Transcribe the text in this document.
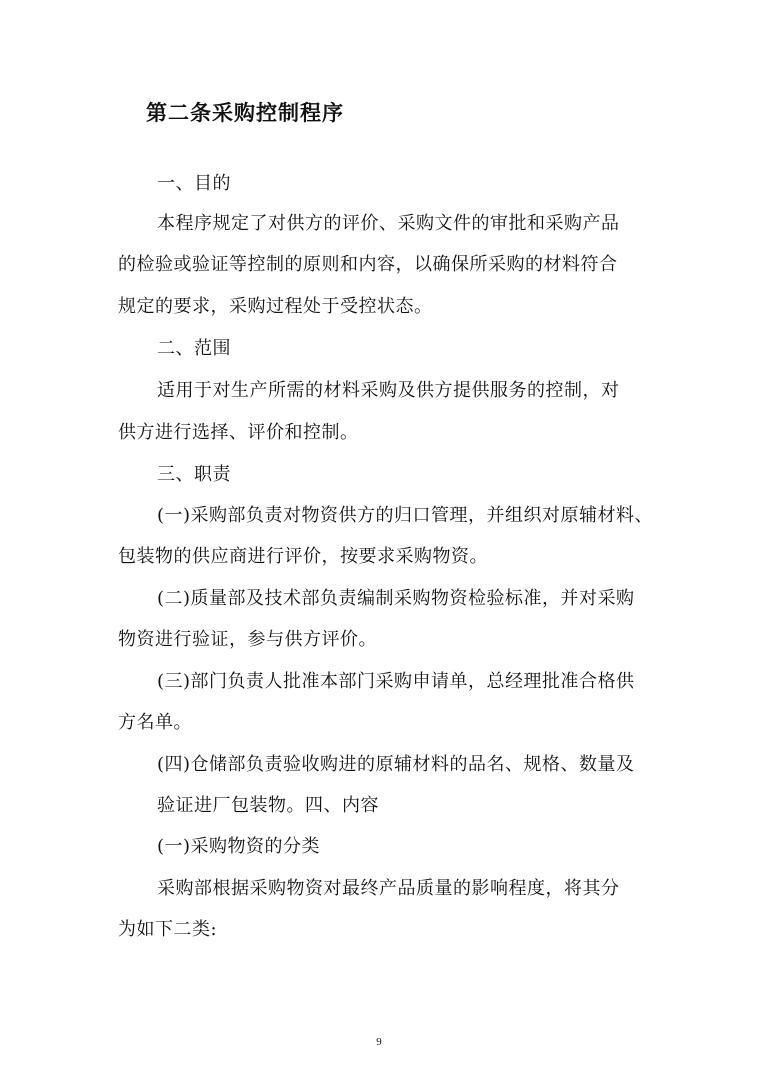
第二条采购控制程序
一、目的
本程序规定了对供方的评价、采购文件的审批和采购产品
的检验或验证等控制的原则和内容，以确保所采购的材料符合
规定的要求，采购过程处于受控状态。
二、范围
适用于对生产所需的材料采购及供方提供服务的控制，对
供方进行选择、评价和控制。
三、职责
(一)采购部负责对物资供方的归口管理，并组织对原辅材料、
包装物的供应商进行评价，按要求采购物资。
(二)质量部及技术部负责编制采购物资检验标准，并对采购
物资进行验证，参与供方评价。
(三)部门负责人批准本部门采购申请单，总经理批准合格供
方名单。
(四)仓储部负责验收购进的原辅材料的品名、规格、数量及
验证进厂包装物。四、内容
(一)采购物资的分类
采购部根据采购物资对最终产品质量的影响程度，将其分
为如下二类:
9
